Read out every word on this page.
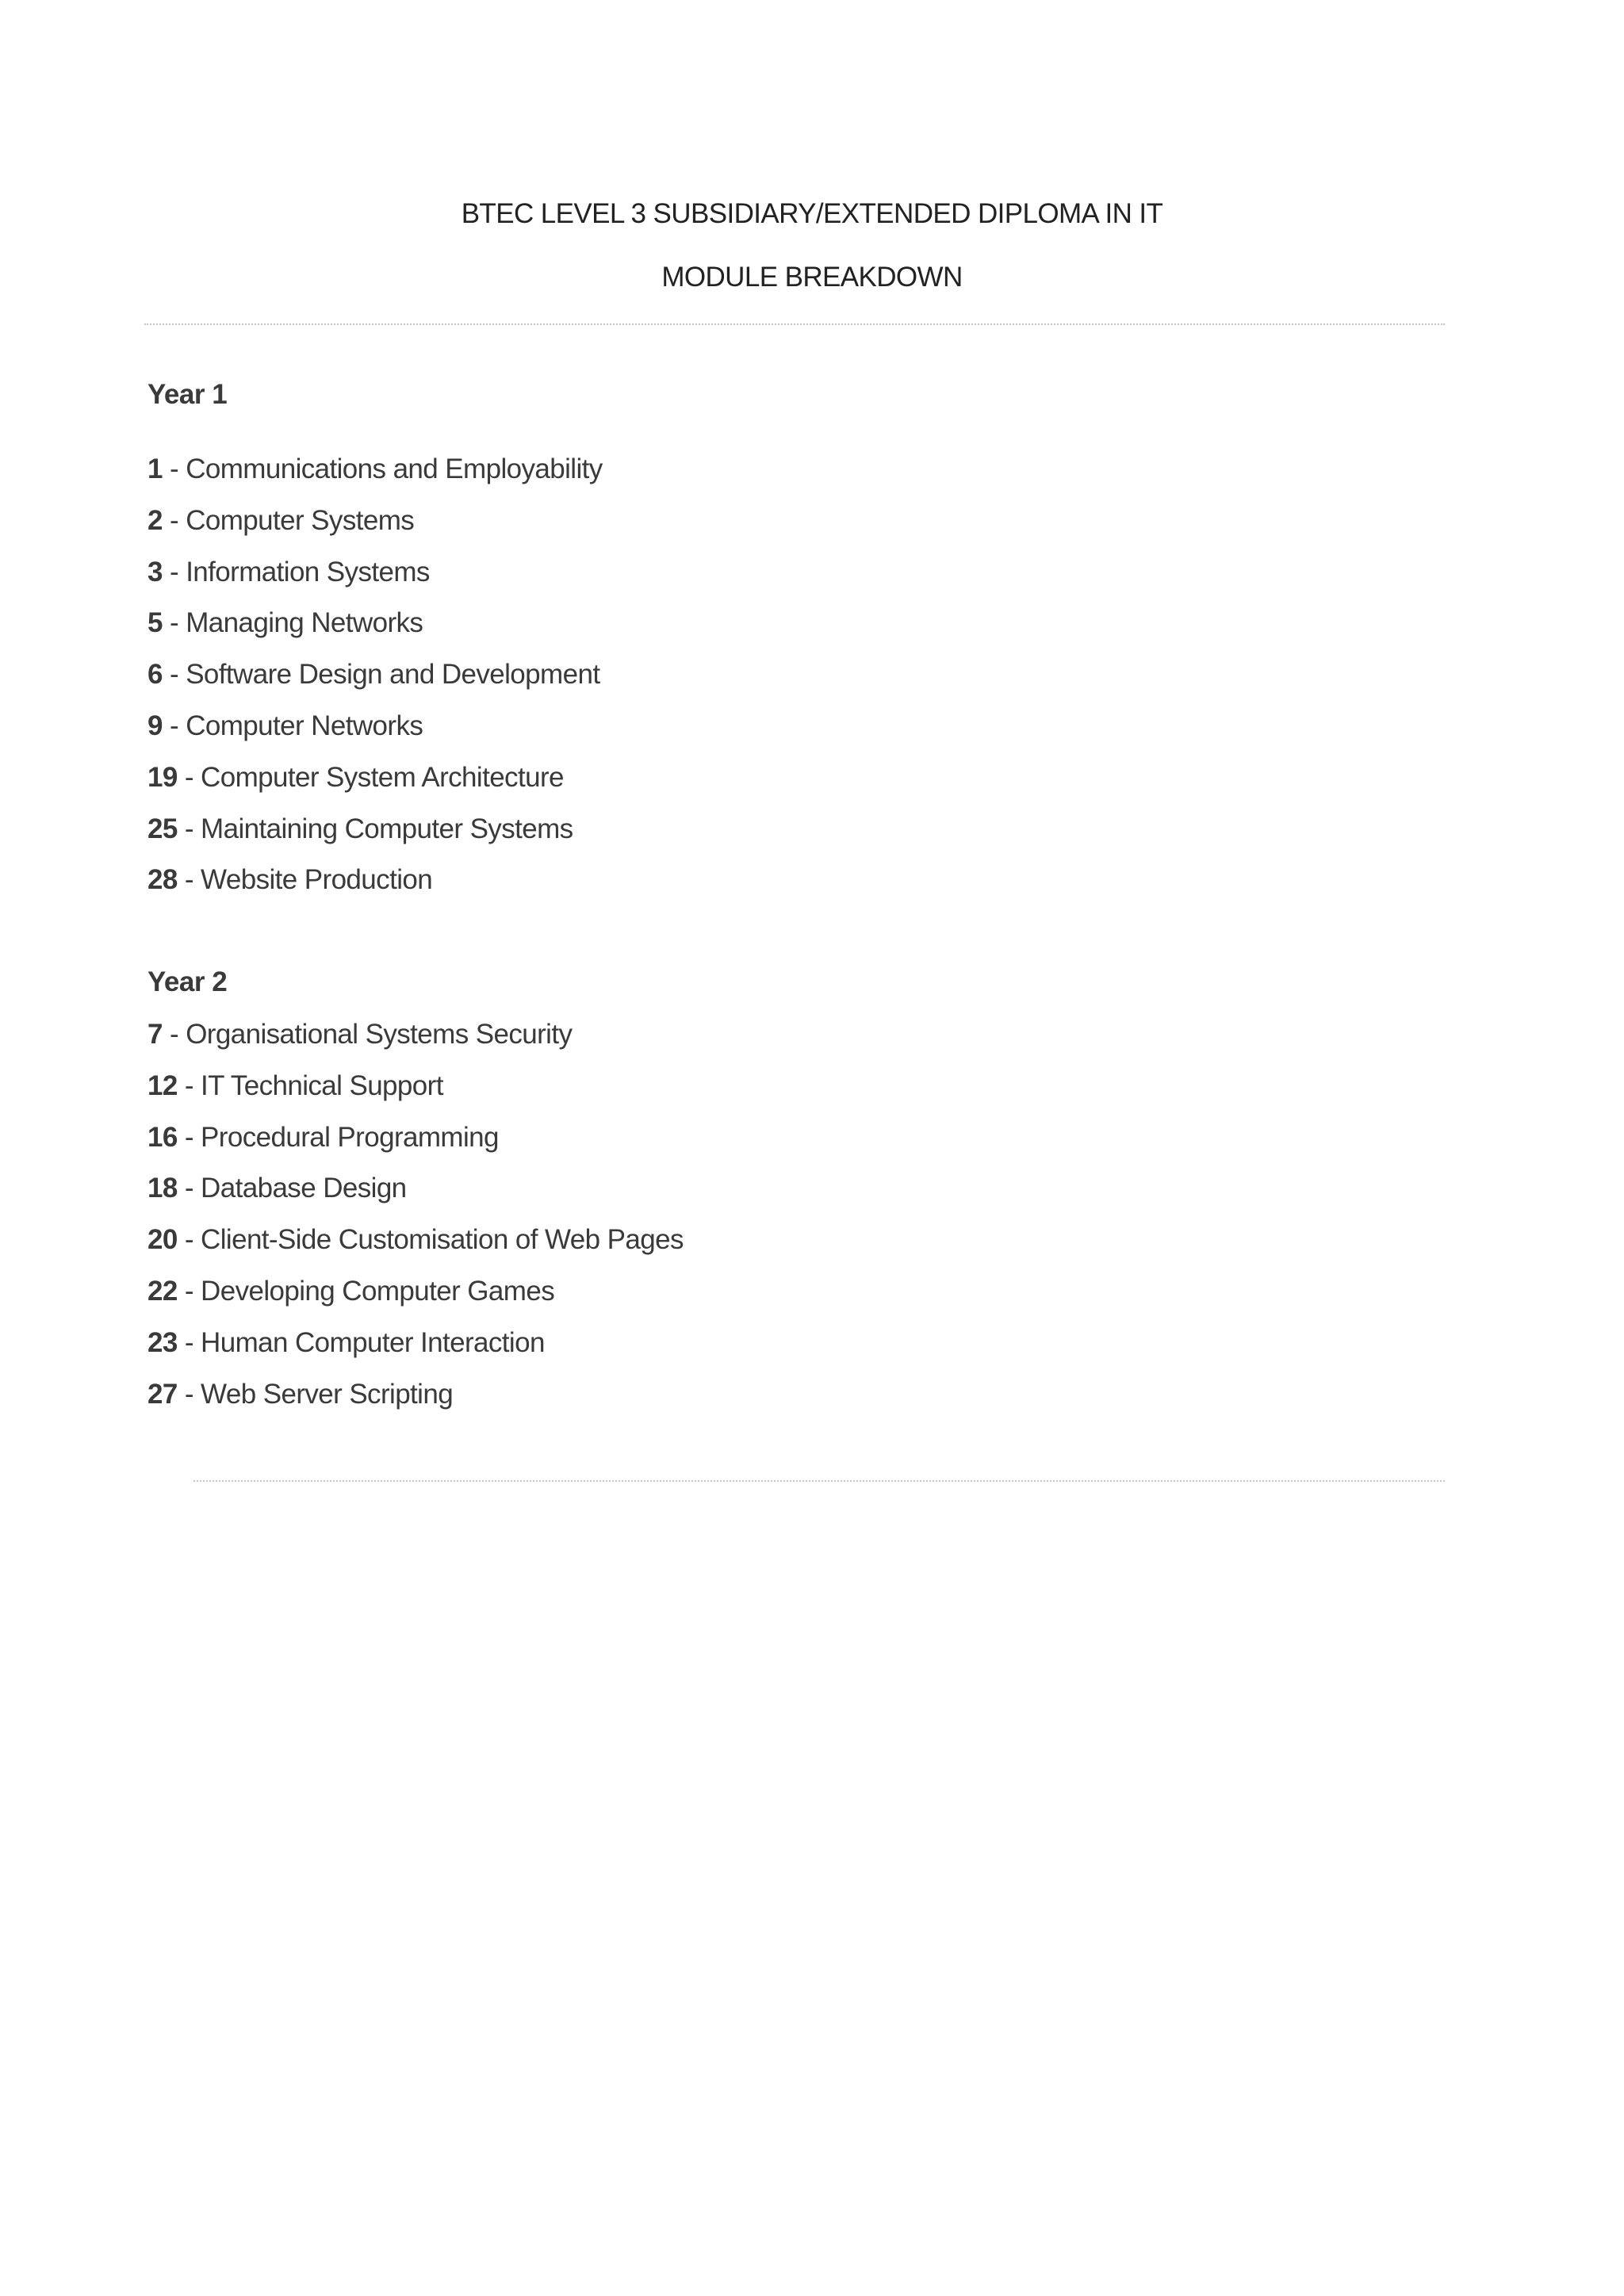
BTEC LEVEL 3 SUBSIDIARY/EXTENDED DIPLOMA IN IT
MODULE BREAKDOWN
Year 1
1 - Communications and Employability
2 - Computer Systems
3 - Information Systems
5 - Managing Networks
6 - Software Design and Development
9 - Computer Networks
19 - Computer System Architecture
25 - Maintaining Computer Systems
28 - Website Production
Year 2
7 - Organisational Systems Security
12 - IT Technical Support
16 - Procedural Programming
18 - Database Design
20 - Client-Side Customisation of Web Pages
22 - Developing Computer Games
23 - Human Computer Interaction
27 - Web Server Scripting
